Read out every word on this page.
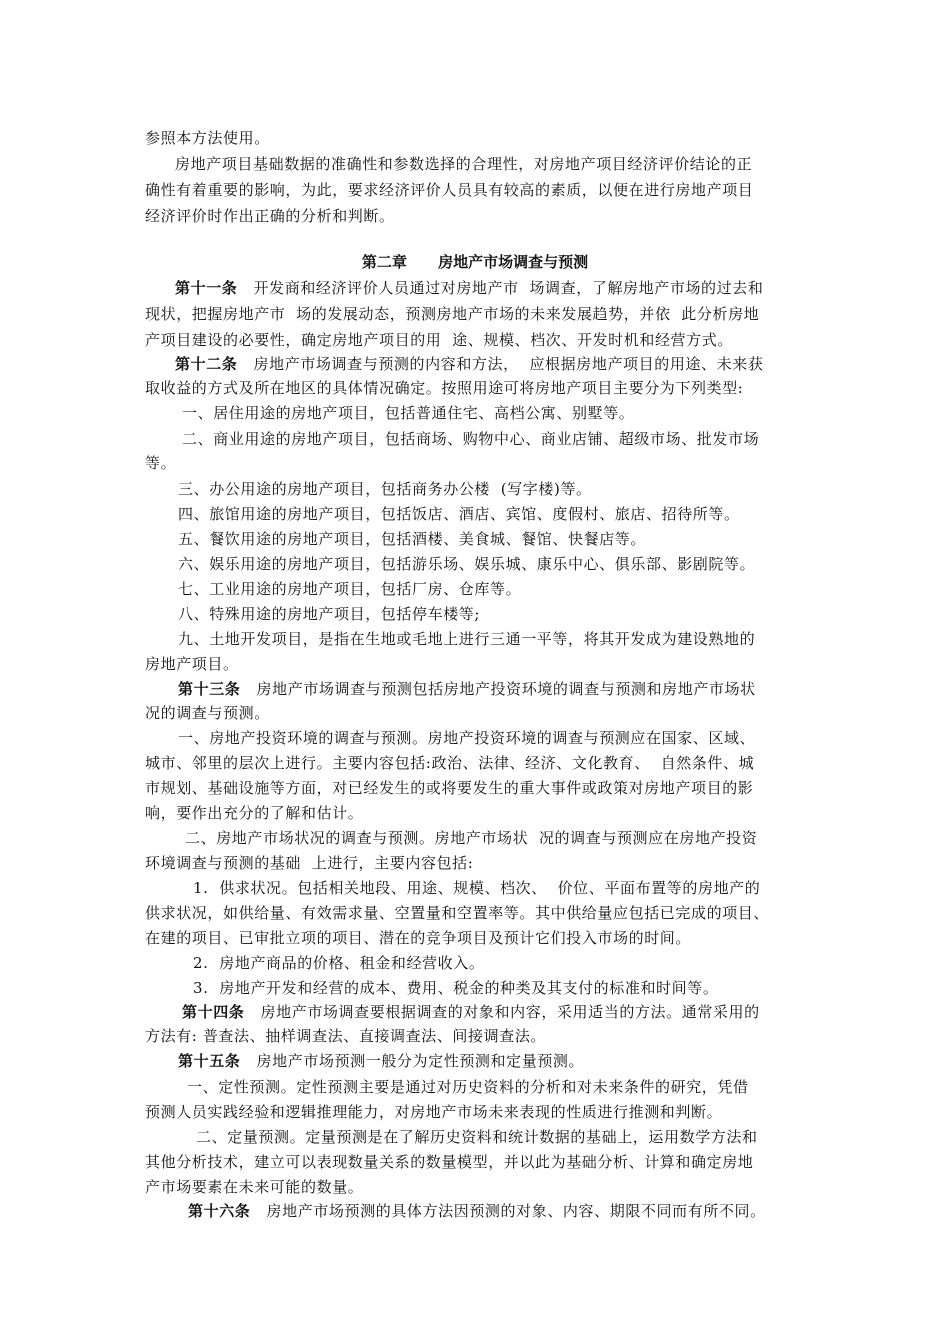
参照本方法使用。
房地产项目基础数据的准确性和参数选择的合理性，对房地产项目经济评价结论的正
确性有着重要的影响，为此，要求经济评价人员具有较高的素质，以便在进行房地产项目
经济评价时作出正确的分析和判断。
第二章 房地产市场调查与预测
第十一条 开发商和经济评价人员通过对房地产市  场调查，了解房地产市场的过去和
现状，把握房地产市  场的发展动态，预测房地产市场的未来发展趋势，并依  此分析房地
产项目建设的必要性，确定房地产项目的用  途、规模、档次、开发时机和经营方式。
第十二条 房地产市场调查与预测的内容和方法，  应根据房地产项目的用途、未来获
取收益的方式及所在地区的具体情况确定。按照用途可将房地产项目主要分为下列类型:
一、居住用途的房地产项目，包括普通住宅、高档公寓、别墅等。
二、商业用途的房地产项目，包括商场、购物中心、商业店铺、超级市场、批发市场
等。
三、办公用途的房地产项目，包括商务办公楼  (写字楼)等。
四、旅馆用途的房地产项目，包括饭店、酒店、宾馆、度假村、旅店、招待所等。
五、餐饮用途的房地产项目，包括酒楼、美食城、餐馆、快餐店等。
六、娱乐用途的房地产项目，包括游乐场、娱乐城、康乐中心、俱乐部、影剧院等。
七、工业用途的房地产项目，包括厂房、仓库等。
八、特殊用途的房地产项目，包括停车楼等;
九、土地开发项目，是指在生地或毛地上进行三通一平等，将其开发成为建设熟地的
房地产项目。
第十三条 房地产市场调查与预测包括房地产投资环境的调查与预测和房地产市场状
况的调查与预测。
一、房地产投资环境的调查与预测。房地产投资环境的调查与预测应在国家、区域、
城市、邻里的层次上进行。主要内容包括:政治、法律、经济、文化教育、  自然条件、城
市规划、基础设施等方面，对已经发生的或将要发生的重大事件或政策对房地产项目的影
响，要作出充分的了解和估计。
二、房地产市场状况的调查与预测。房地产市场状  况的调查与预测应在房地产投资
环境调查与预测的基础  上进行，主要内容包括:
1.  供求状况。包括相关地段、用途、规模、档次、  价位、平面布置等的房地产的
供求状况，如供给量、有效需求量、空置量和空置率等。其中供给量应包括已完成的项目、
在建的项目、已审批立项的项目、潜在的竞争项目及预计它们投入市场的时间。
2.  房地产商品的价格、租金和经营收入。
3.  房地产开发和经营的成本、费用、税金的种类及其支付的标准和时间等。
第十四条 房地产市场调查要根据调查的对象和内容，采用适当的方法。通常采用的
方法有: 普查法、抽样调查法、直接调查法、间接调查法。
第十五条 房地产市场预测一般分为定性预测和定量预测。
一、定性预测。定性预测主要是通过对历史资料的分析和对未来条件的研究，凭借
预测人员实践经验和逻辑推理能力，对房地产市场未来表现的性质进行推测和判断。
二、定量预测。定量预测是在了解历史资料和统计数据的基础上，运用数学方法和
其他分析技术，建立可以表现数量关系的数量模型，并以此为基础分析、计算和确定房地
产市场要素在未来可能的数量。
第十六条 房地产市场预测的具体方法因预测的对象、内容、期限不同而有所不同。
